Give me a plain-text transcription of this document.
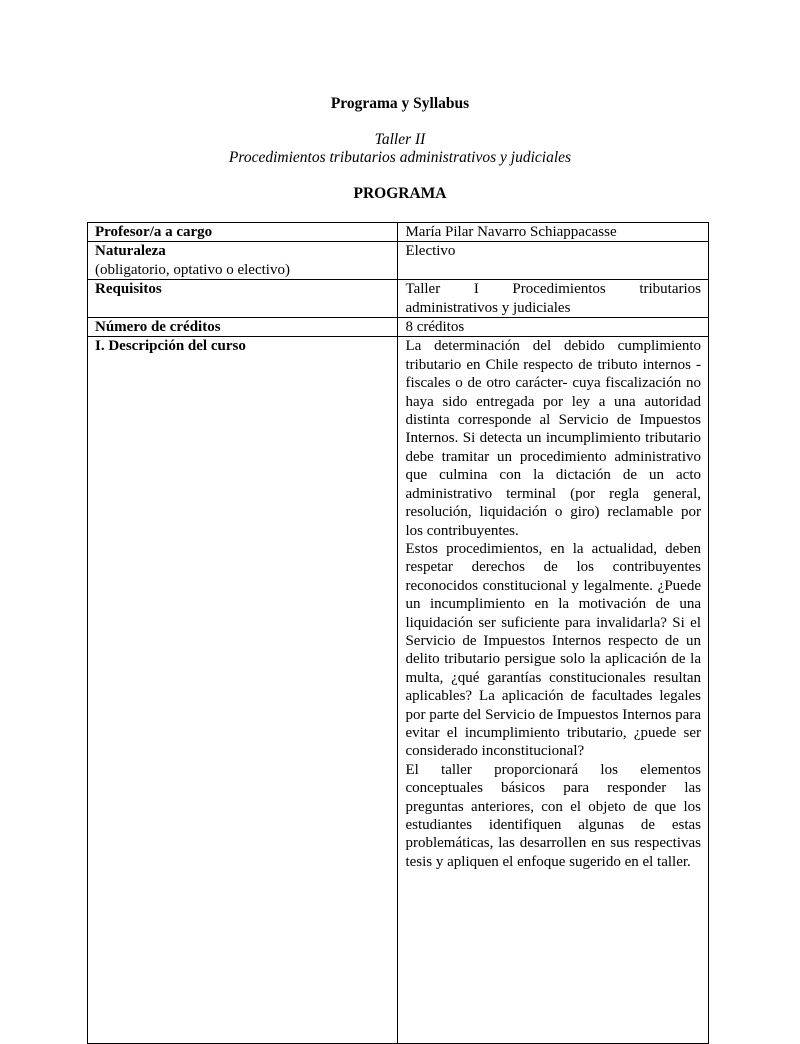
Programa y Syllabus
Taller II
Procedimientos tributarios administrativos y judiciales
PROGRAMA
Profesor/a a cargo	María Pilar Navarro Schiappacasse

Naturaleza
(obligatorio, optativo o electivo)	Electivo
Requisitos	Taller I Procedimientos tributarios administrativos y judiciales
Número de créditos	8 créditos
I. Descripción del curso	La determinación del debido cumplimiento tributario en Chile respecto de tributo internos -fiscales o de otro carácter- cuya fiscalización no haya sido entregada por ley a una autoridad distinta corresponde al Servicio de Impuestos Internos. Si detecta un incumplimiento tributario debe tramitar un procedimiento administrativo que culmina con la dictación de un acto administrativo terminal (por regla general, resolución, liquidación o giro) reclamable por los contribuyentes.
Estos procedimientos, en la actualidad, deben respetar derechos de los contribuyentes reconocidos constitucional y legalmente. ¿Puede un incumplimiento en la motivación de una liquidación ser suficiente para invalidarla? Si el Servicio de Impuestos Internos respecto de un delito tributario persigue solo la aplicación de la multa, ¿qué garantías constitucionales resultan aplicables? La aplicación de facultades legales por parte del Servicio de Impuestos Internos para evitar el incumplimiento tributario, ¿puede ser considerado inconstitucional?
El taller proporcionará los elementos conceptuales básicos para responder las preguntas anteriores, con el objeto de que los estudiantes identifiquen algunas de estas problemáticas, las desarrollen en sus respectivas tesis y apliquen el enfoque sugerido en el taller.
